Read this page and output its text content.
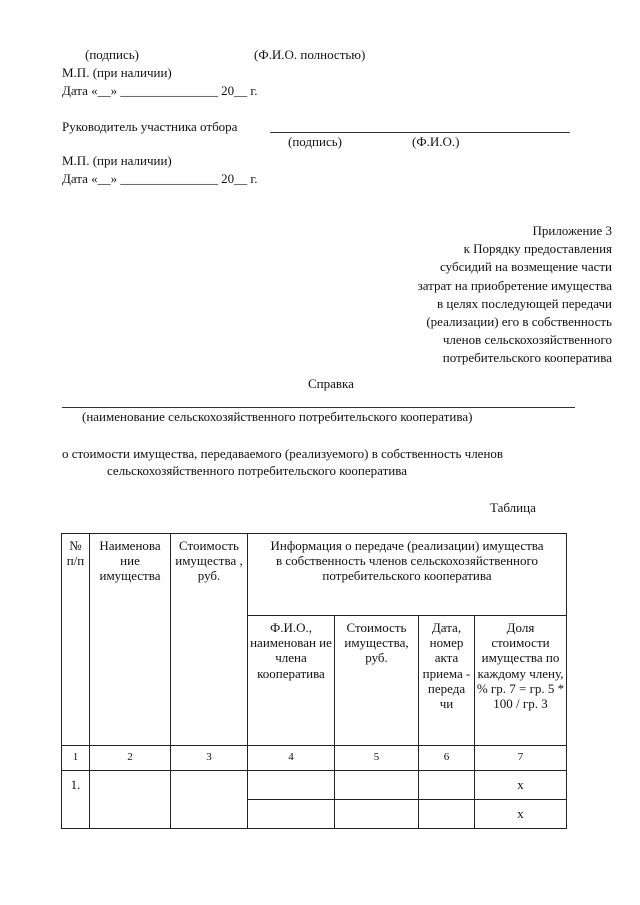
(подпись)	(Ф.И.О. полностью)
М.П. (при наличии)
Дата «__» _______________ 20__ г.
Руководитель участника отбора
(подпись)	(Ф.И.О.)
М.П. (при наличии)
Дата «__» _______________ 20__ г.
Приложение 3
к Порядку предоставления
субсидий на возмещение части
затрат на приобретение имущества
в целях последующей передачи
(реализации) его в собственность
членов сельскохозяйственного
потребительского кооператива
Справка
(наименование сельскохозяйственного потребительского кооператива)
о стоимости имущества, передаваемого (реализуемого) в собственность членов
сельскохозяйственного потребительского кооператива
Таблица
№ п/п	Наименова ние имущества	Стоимость имущества , руб.	Информация о передаче (реализации) имущества в собственность членов сельскохозяйственного потребительского кооператива			
			Ф.И.О., наименован ие члена кооператива	Стоимость имущества, руб.	Дата, номер акта приема - переда чи	Доля стоимости имущества по каждому члену, % гр. 7 = гр. 5 * 100 / гр. 3
1	2	3	4	5	6	7
1.						х
						х
